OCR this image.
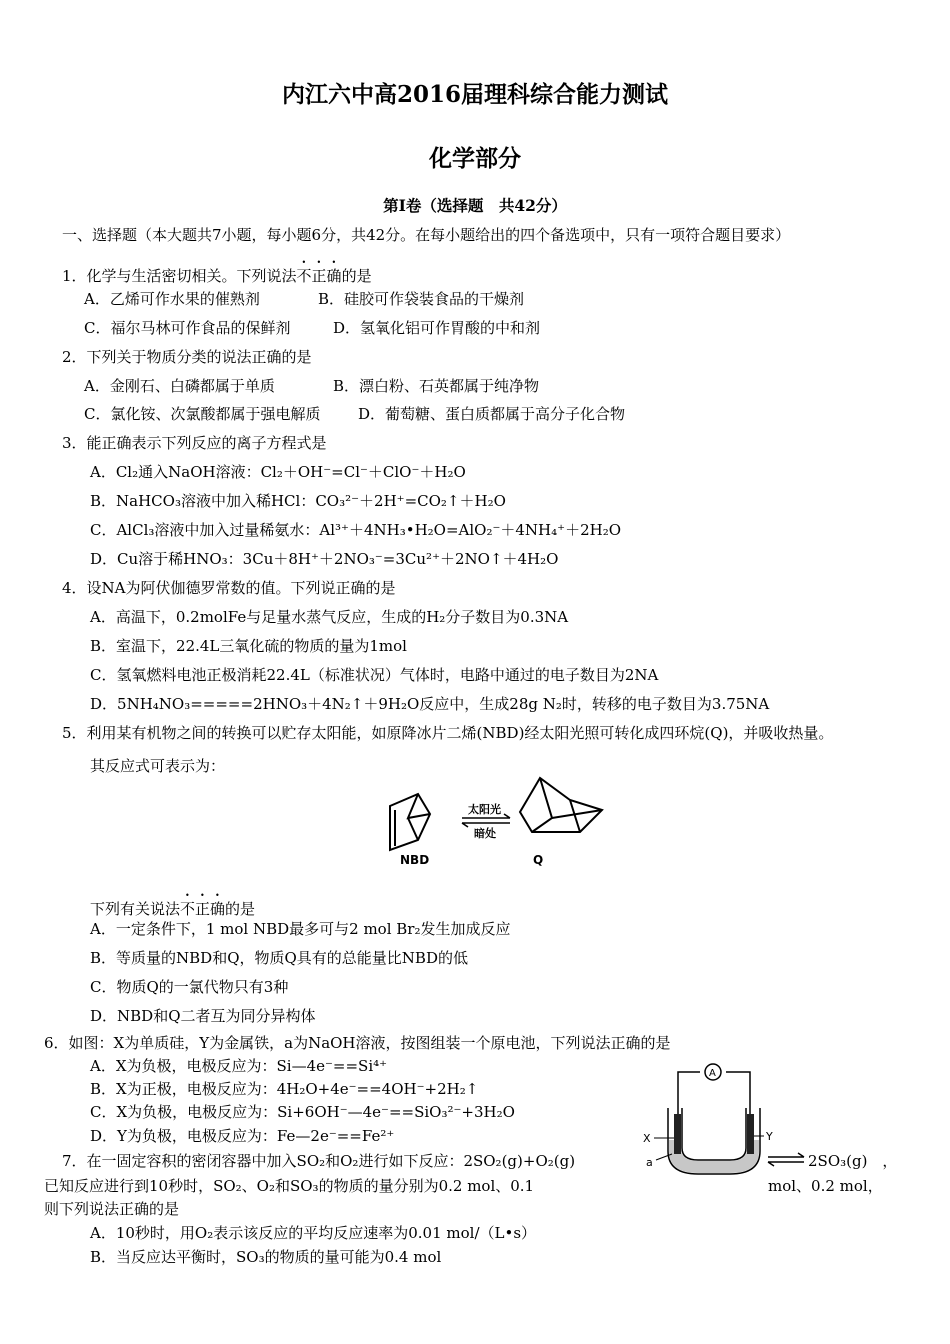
内江六中高2016届理科综合能力测试
化学部分
第Ⅰ卷（选择题　共42分）
一、选择题（本大题共7小题，每小题6分，共42分。在每小题给出的四个备选项中，只有一项符合题目要求）
1．化学与生活密切相关。下列说法不正确的是
A．乙烯可作水果的催熟剂	B．硅胶可作袋装食品的干燥剂
C．福尔马林可作食品的保鲜剂	D．氢氧化铝可作胃酸的中和剂
2．下列关于物质分类的说法正确的是
A．金刚石、白磷都属于单质	B．漂白粉、石英都属于纯净物
C．氯化铵、次氯酸都属于强电解质	D．葡萄糖、蛋白质都属于高分子化合物
3．能正确表示下列反应的离子方程式是
A．Cl₂通入NaOH溶液：Cl₂＋OH⁻=Cl⁻＋ClO⁻＋H₂O
B．NaHCO₃溶液中加入稀HCl：CO₃²⁻＋2H⁺=CO₂↑＋H₂O
C．AlCl₃溶液中加入过量稀氨水：Al³⁺＋4NH₃•H₂O=AlO₂⁻＋4NH₄⁺＋2H₂O
D．Cu溶于稀HNO₃：3Cu＋8H⁺＋2NO₃⁻=3Cu²⁺＋2NO↑＋4H₂O
4．设NA为阿伏伽德罗常数的值。下列说正确的是
A．高温下，0.2molFe与足量水蒸气反应，生成的H₂分子数目为0.3NA
B．室温下，22.4L三氧化硫的物质的量为1mol
C．氢氧燃料电池正极消耗22.4L（标准状况）气体时，电路中通过的电子数目为2NA
D．5NH₄NO₃=====2HNO₃＋4N₂↑＋9H₂O反应中，生成28g N₂时，转移的电子数目为3.75NA
5．利用某有机物之间的转换可以贮存太阳能，如原降冰片二烯(NBD)经太阳光照可转化成四环烷(Q)，并吸收热量。
其反应式可表示为：
太阳光
暗处
NBD	Q
下列有关说法不正确的是
A．一定条件下，1 mol NBD最多可与2 mol Br₂发生加成反应
B．等质量的NBD和Q，物质Q具有的总能量比NBD的低
C．物质Q的一氯代物只有3种
D．NBD和Q二者互为同分异构体
6．如图：X为单质硅，Y为金属铁，a为NaOH溶液，按图组装一个原电池，下列说法正确的是
A．X为负极，电极反应为：Si—4e⁻==Si⁴⁺
B．X为正极，电极反应为：4H₂O+4e⁻==4OH⁻+2H₂↑
C．X为负极，电极反应为：Si+6OH⁻—4e⁻==SiO₃²⁻+3H₂O
D．Y为负极，电极反应为：Fe—2e⁻==Fe²⁺
A
X	Y
a
7．在一固定容积的密闭容器中加入SO₂和O₂进行如下反应：2SO₂(g)+O₂(g)	⇌ 2SO₃(g)　，
已知反应进行到10秒时，SO₂、O₂和SO₃的物质的量分别为0.2 mol、0.1	mol、0.2 mol，
则下列说法正确的是
A．10秒时，用O₂表示该反应的平均反应速率为0.01 mol/（L•s）
B．当反应达平衡时，SO₃的物质的量可能为0.4 mol
